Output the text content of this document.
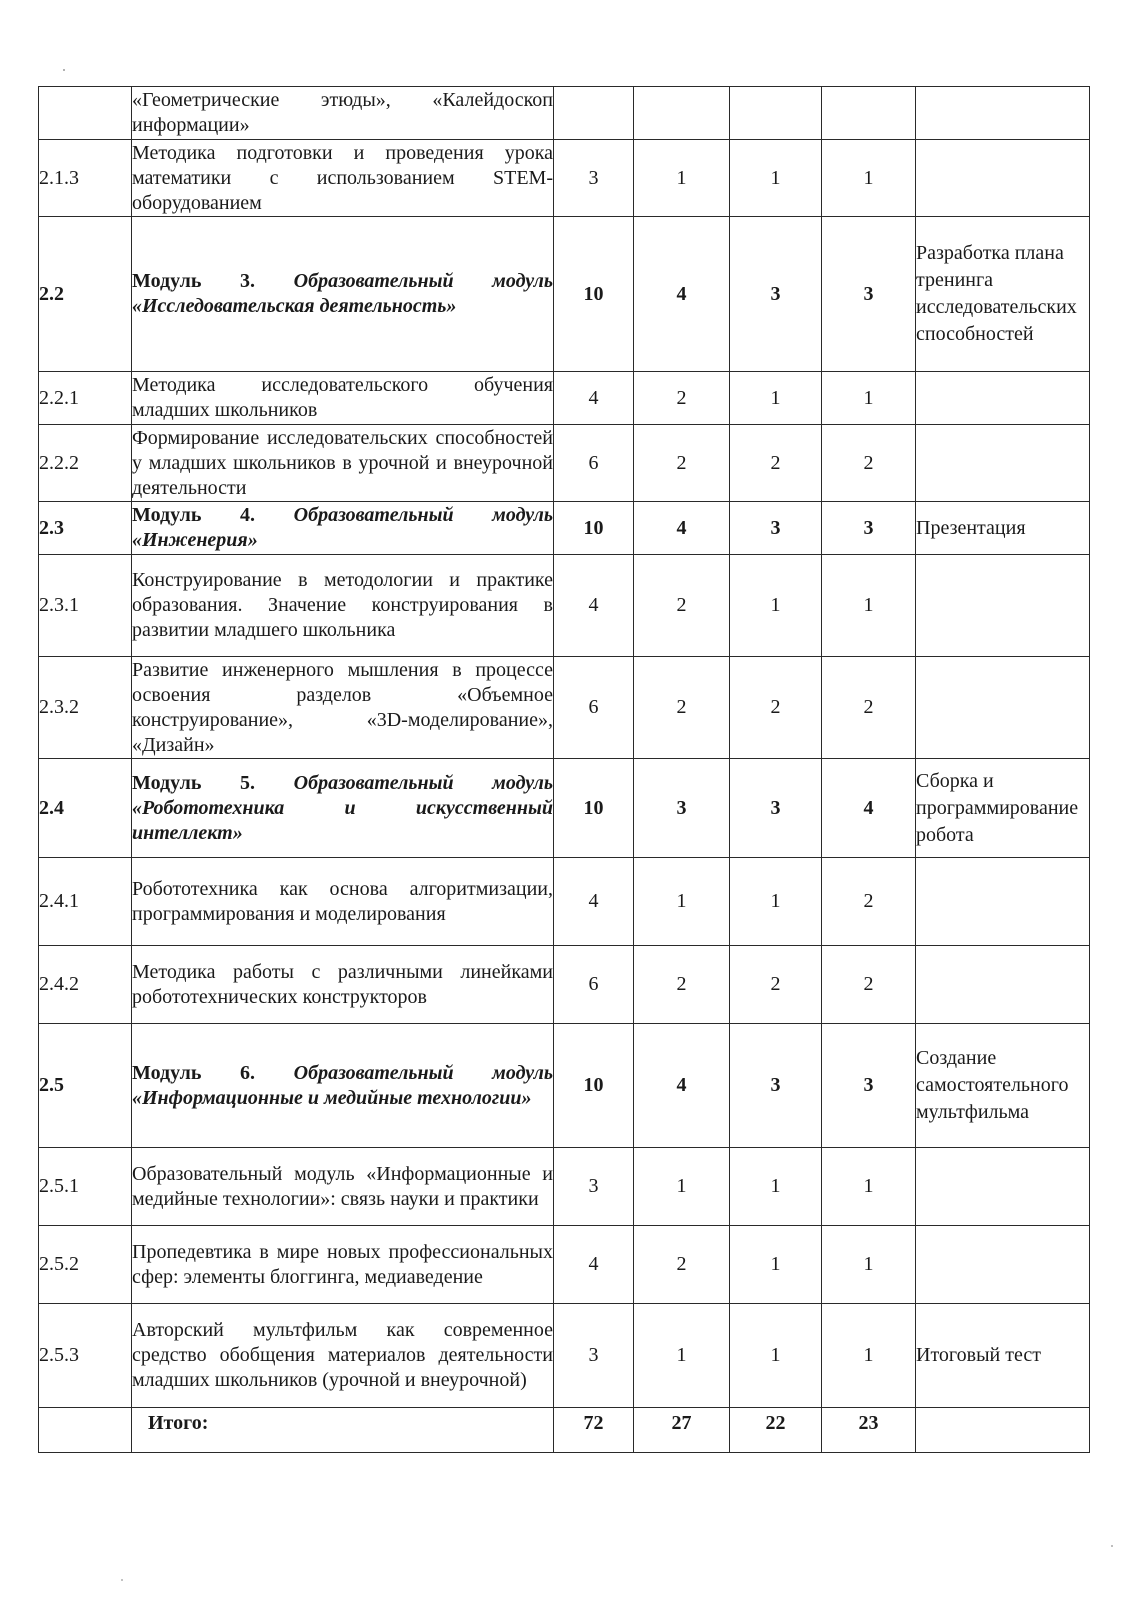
	«Геометрические этюды», «Калейдоскоп информации»					
2.1.3	Методика подготовки и проведения урока математики с использованием STEM-оборудованием	3	1	1	1	
2.2	Модуль 3. Образовательный модуль «Исследовательская деятельность»	10	4	3	3	Разработка плана тренинга исследовательских способностей
2.2.1	Методика исследовательского обучения младших школьников	4	2	1	1	
2.2.2	Формирование исследовательских способностей у младших школьников в урочной и внеурочной деятельности	6	2	2	2	
2.3	Модуль 4. Образовательный модуль «Инженерия»	10	4	3	3	Презентация
2.3.1	Конструирование в методологии и практике образования. Значение конструирования в развитии младшего школьника	4	2	1	1	
2.3.2	Развитие инженерного мышления в процессе освоения разделов «Объемное конструирование», «3D-моделирование», «Дизайн»	6	2	2	2	
2.4	Модуль 5. Образовательный модуль «Робототехника и искусственный интеллект»	10	3	3	4	Сборка и программирование робота
2.4.1	Робототехника как основа алгоритмизации, программирования и моделирования	4	1	1	2	
2.4.2	Методика работы с различными линейками робототехнических конструкторов	6	2	2	2	
2.5	Модуль 6. Образовательный модуль «Информационные и медийные технологии»	10	4	3	3	Создание самостоятельного мультфильма
2.5.1	Образовательный модуль «Информационные и медийные технологии»: связь науки и практики	3	1	1	1	
2.5.2	Пропедевтика в мире новых профессиональных сфер: элементы блоггинга, медиаведение	4	2	1	1	
2.5.3	Авторский мультфильм как современное средство обобщения материалов деятельности младших школьников (урочной и внеурочной)	3	1	1	1	Итоговый тест
	Итого:	72	27	22	23	
